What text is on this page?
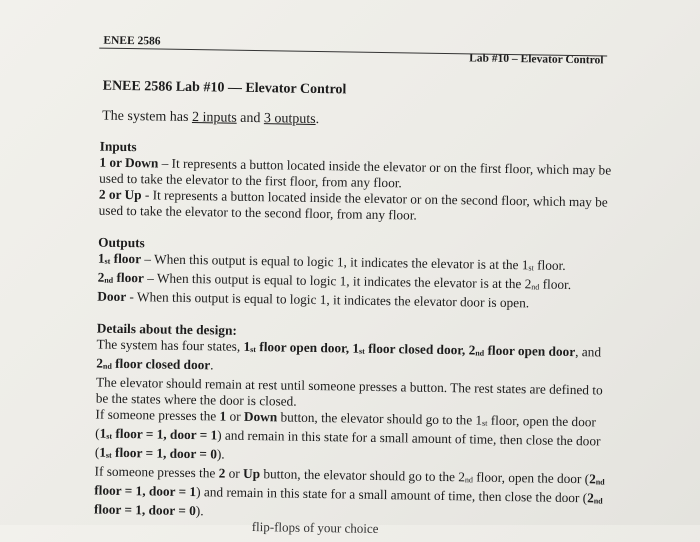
ENEE 2586
Lab #10 – Elevator Control
ENEE 2586 Lab #10 — Elevator Control
The system has 2 inputs and 3 outputs.

Inputs

1 or Down – It represents a button located inside the elevator or on the first floor, which may be used to take the elevator to the first floor, from any floor.

2 or Up - It represents a button located inside the elevator or on the second floor, which may be used to take the elevator to the second floor, from any floor.

Outputs

$1_{st}$ floor – When this output is equal to logic 1, it indicates the elevator is at the $1_{st}$ floor.

$2_{nd}$ floor – When this output is equal to logic 1, it indicates the elevator is at the $2_{nd}$ floor.

Door - When this output is equal to logic 1, it indicates the elevator door is open.

Details about the design:

The system has four states, $1_{st}$ floor open door, $1_{st}$ floor closed door, $2_{nd}$ floor open door, and $2_{nd}$ floor closed door.

The elevator should remain at rest until someone presses a button. The rest states are defined to be the states where the door is closed.

If someone presses the 1 or Down button, the elevator should go to the $1_{st}$ floor, open the door ($1_{st}$ floor = 1, door = 1) and remain in this state for a small amount of time, then close the door ($1_{st}$ floor = 1, door = 0).

If someone presses the 2 or Up button, the elevator should go to the $2_{nd}$ floor, open the door ($2_{nd}$ floor = 1, door = 1) and remain in this state for a small amount of time, then close the door ($2_{nd}$ floor = 1, door = 0).

flip-flops of your choice
